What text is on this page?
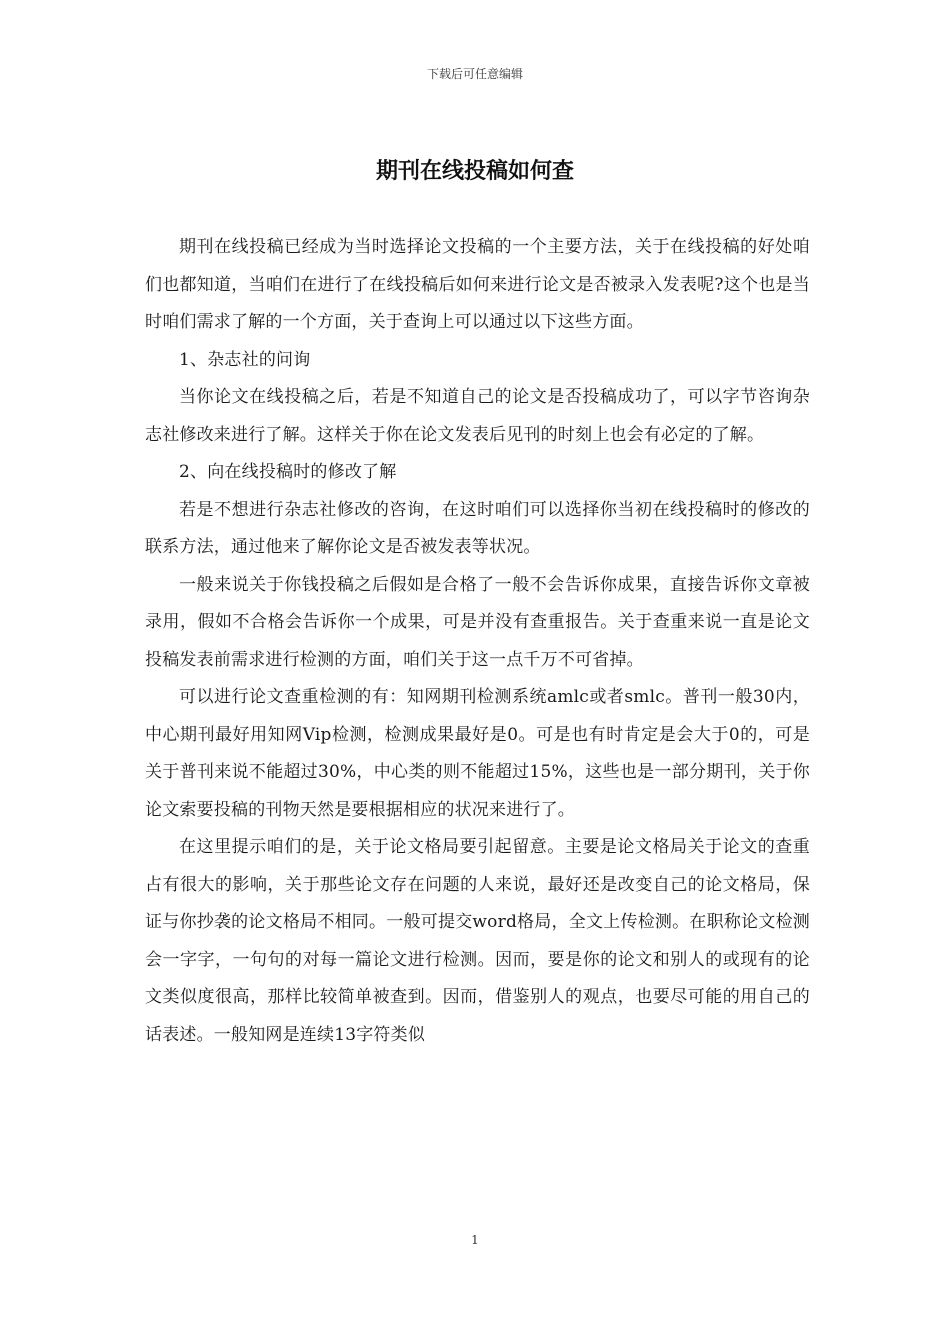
下载后可任意编辑
期刊在线投稿如何查

期刊在线投稿已经成为当时选择论文投稿的一个主要方法，关于在线投稿的好处咱们也都知道，当咱们在进行了在线投稿后如何来进行论文是否被录入发表呢?这个也是当时咱们需求了解的一个方面，关于查询上可以通过以下这些方面。

1、杂志社的问询

当你论文在线投稿之后，若是不知道自己的论文是否投稿成功了，可以字节咨询杂志社修改来进行了解。这样关于你在论文发表后见刊的时刻上也会有必定的了解。

2、向在线投稿时的修改了解

若是不想进行杂志社修改的咨询，在这时咱们可以选择你当初在线投稿时的修改的联系方法，通过他来了解你论文是否被发表等状况。

一般来说关于你钱投稿之后假如是合格了一般不会告诉你成果，直接告诉你文章被录用，假如不合格会告诉你一个成果，可是并没有查重报告。关于查重来说一直是论文投稿发表前需求进行检测的方面，咱们关于这一点千万不可省掉。

可以进行论文查重检测的有：知网期刊检测系统amlc或者smlc。普刊一般30内，中心期刊最好用知网Vip检测，检测成果最好是0。可是也有时肯定是会大于0的，可是关于普刊来说不能超过30%，中心类的则不能超过15%，这些也是一部分期刊，关于你论文索要投稿的刊物天然是要根据相应的状况来进行了。

在这里提示咱们的是，关于论文格局要引起留意。主要是论文格局关于论文的查重占有很大的影响，关于那些论文存在问题的人来说，最好还是改变自己的论文格局，保证与你抄袭的论文格局不相同。一般可提交word格局，全文上传检测。在职称论文检测会一字字，一句句的对每一篇论文进行检测。因而，要是你的论文和别人的或现有的论文类似度很高，那样比较简单被查到。因而，借鉴别人的观点，也要尽可能的用自己的话表述。一般知网是连续13字符类似

1
